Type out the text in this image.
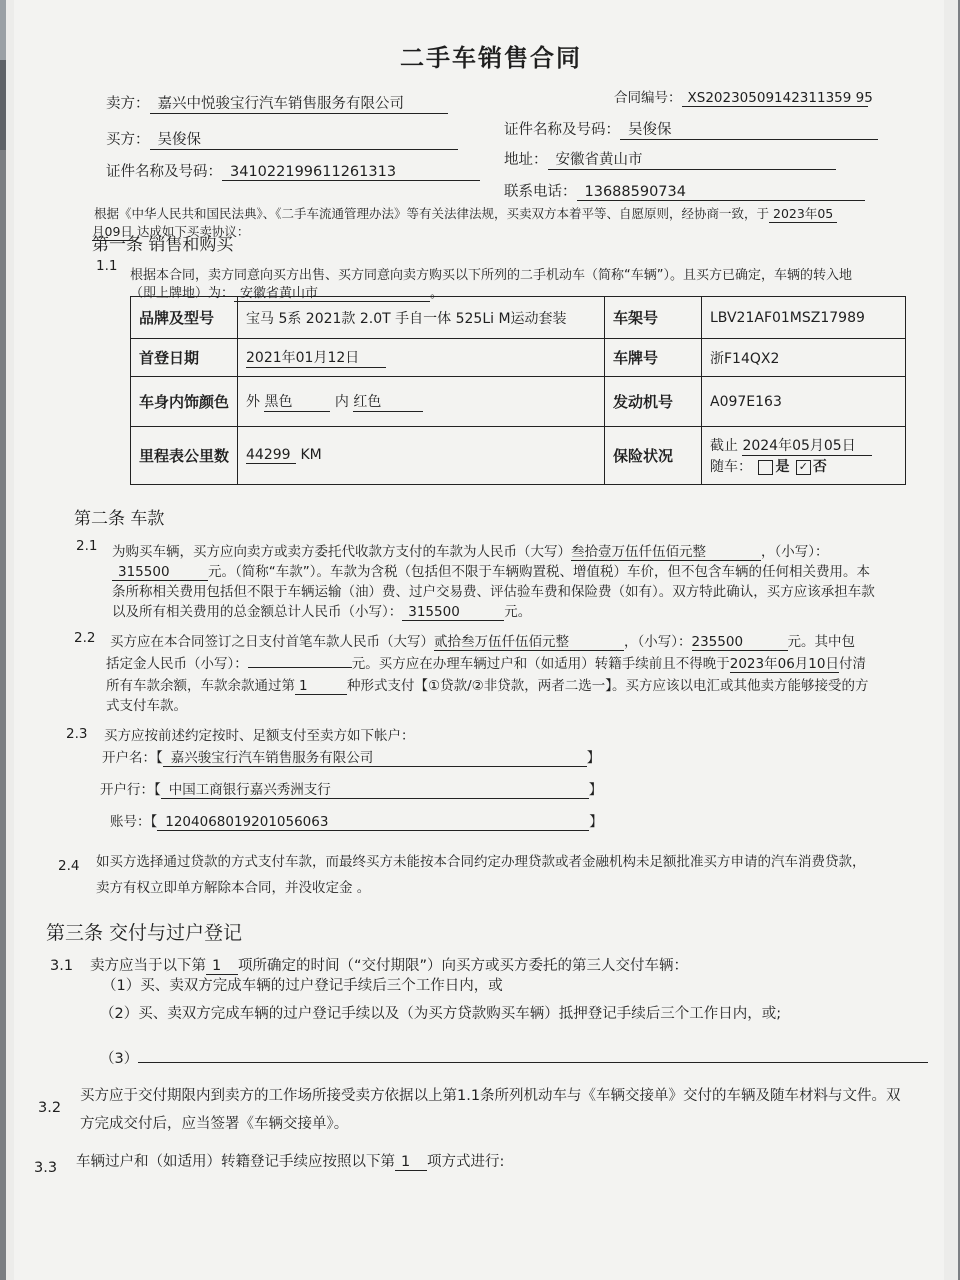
二手车销售合同
合同编号： XS20230509142311359 95
卖方： 嘉兴中悦骏宝行汽车销售服务有限公司
证件名称及号码： 吴俊保
买方： 吴俊保
地址： 安徽省黄山市
证件名称及号码： 341022199611261313
联系电话： 13688590734
根据《中华人民共和国民法典》、《二手车流通管理办法》等有关法律法规，买卖双方本着平等、自愿原则，经协商一致，于 2023年05
月09日 达成如下买卖协议：
第一条 销售和购买
1.1
根据本合同，卖方同意向买方出售、买方同意向卖方购买以下所列的二手机动车（简称“车辆”）。且买方已确定，车辆的转入地
（即上牌地）为： 安徽省黄山市	。
品牌及型号	宝马 5系 2021款 2.0T 手自一体 525Li M运动套装	车架号	LBV21AF01MSZ17989
首登日期	2021年01月12日	车牌号	浙F14QX2
车身内饰颜色	外 黑色 内 红色	发动机号	A097E163
里程表公里数	44299 KM	保险状况	截止 2024年05月05日
随车： 是 ✓ 否
第二条 车款
2.1 为购买车辆，买方应向卖方或卖方委托代收款方支付的车款为人民币（大写）叁拾壹万伍仟伍佰元整	，（小写）：
315500	元。（简称“车款”）。车款为含税（包括但不限于车辆购置税、增值税）车价，但不包含车辆的任何相关费用。本
条所称相关费用包括但不限于车辆运输（油）费、过户交易费、评估验车费和保险费（如有）。双方特此确认，买方应该承担车款
以及所有相关费用的总金额总计人民币（小写）： 315500	元。
2.2 买方应在本合同签订之日支付首笔车款人民币（大写）贰拾叁万伍仟伍佰元整	，（小写）：235500	元。其中包
括定金人民币（小写）：	元。买方应在办理车辆过户和（如适用）转籍手续前且不得晚于2023年06月10日付清
所有车款余额，车款余款通过第 1	种形式支付【①贷款/②非贷款，两者二选一】。买方应该以电汇或其他卖方能够接受的方
式支付车款。
2.3 买方应按前述约定按时、足额支付至卖方如下帐户：
开户名：【 嘉兴骏宝行汽车销售服务有限公司	】
开户行：【 中国工商银行嘉兴秀洲支行	】
账号：【 1204068019201056063	】
2.4 如买方选择通过贷款的方式支付车款，而最终买方未能按本合同约定办理贷款或者金融机构未足额批准买方申请的汽车消费贷款，
卖方有权立即单方解除本合同，并没收定金 。
第三条 交付与过户登记
3.1 卖方应当于以下第 1 项所确定的时间（“交付期限”）向买方或买方委托的第三人交付车辆：
（1）买、卖双方完成车辆的过户登记手续后三个工作日内，或
（2）买、卖双方完成车辆的过户登记手续以及（为买方贷款购买车辆）抵押登记手续后三个工作日内，或;
（3）
3.2
买方应于交付期限内到卖方的工作场所接受卖方依据以上第1.1条所列机动车与《车辆交接单》交付的车辆及随车材料与文件。双
方完成交付后，应当签署《车辆交接单》。
3.3 车辆过户和（如适用）转籍登记手续应按照以下第 1 项方式进行:
